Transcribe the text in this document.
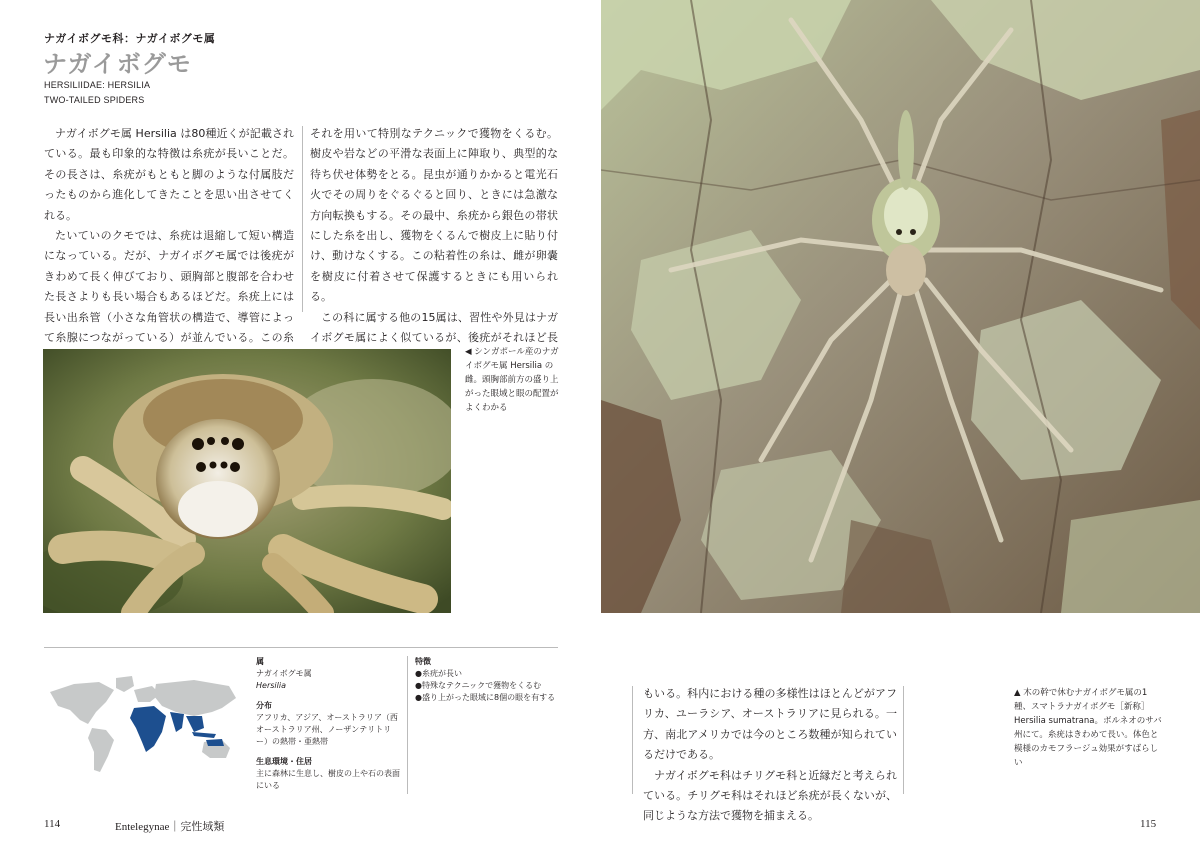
ナガイボグモ科：ナガイボグモ属
ナガイボグモ
HERSILIIDAE: HERSILIA
TWO-TAILED SPIDERS

ナガイボグモ属 Hersilia は80種近くが記載されている。最も印象的な特徴は糸疣が長いことだ。その長さは、糸疣がもともと脚のような付属肢だったものから進化してきたことを思い出させてくれる。

たいていのクモでは、糸疣は退縮して短い構造になっている。だが、ナガイボグモ属では後疣がきわめて長く伸びており、頭胸部と腹部を合わせた長さよりも長い場合もあるほどだ。糸疣上には長い出糸管（小さな角管状の構造で、導管によって糸腺につながっている）が並んでいる。この糸

それを用いて特別なテクニックで獲物をくるむ。樹皮や岩などの平滑な表面上に陣取り、典型的な待ち伏せ体勢をとる。昆虫が通りかかると電光石火でその周りをぐるぐると回り、ときには急激な方向転換もする。その最中、糸疣から銀色の帯状にした糸を出し、獲物をくるんで樹皮上に貼り付け、動けなくする。この粘着性の糸は、雌が卵嚢を樹皮に付着させて保護するときにも用いられる。

この科に属する他の15属は、習性や外見はナガイボグモ属によく似ているが、後疣がそれほど長

◀ シンガポール産のナガイボグモ属 Hersilia の雌。頭胸部前方の盛り上がった眼域と眼の配置がよくわかる
▲ 木の幹で休むナガイボグモ属の1種、スマトラナガイボグモ［新称］Hersilia sumatrana。ボルネオのサバ州にて。糸疣はきわめて長い。体色と模様のカモフラージュ効果がすばらしい
属
ナガイボグモ属
Hersilia
分布
アフリカ、アジア、オーストラリア（西オーストラリア州、ノーザンテリトリー）の熱帯・亜熱帯
生息環境・住居
主に森林に生息し、樹皮の上や石の表面にいる
特徴
●糸疣が長い
●特殊なテクニックで獲物をくるむ
●盛り上がった眼域に8個の眼を有する	もいる。科内における種の多様性はほとんどがアフリカ、ユーラシア、オーストラリアに見られる。一方、南北アメリカでは今のところ数種が知られているだけである。

ナガイボグモ科はチリグモ科と近縁だと考えられている。チリグモ科はそれほど糸疣が長くないが、同じような方法で獲物を捕まえる。

114	Entelegynae｜完性域類	115
